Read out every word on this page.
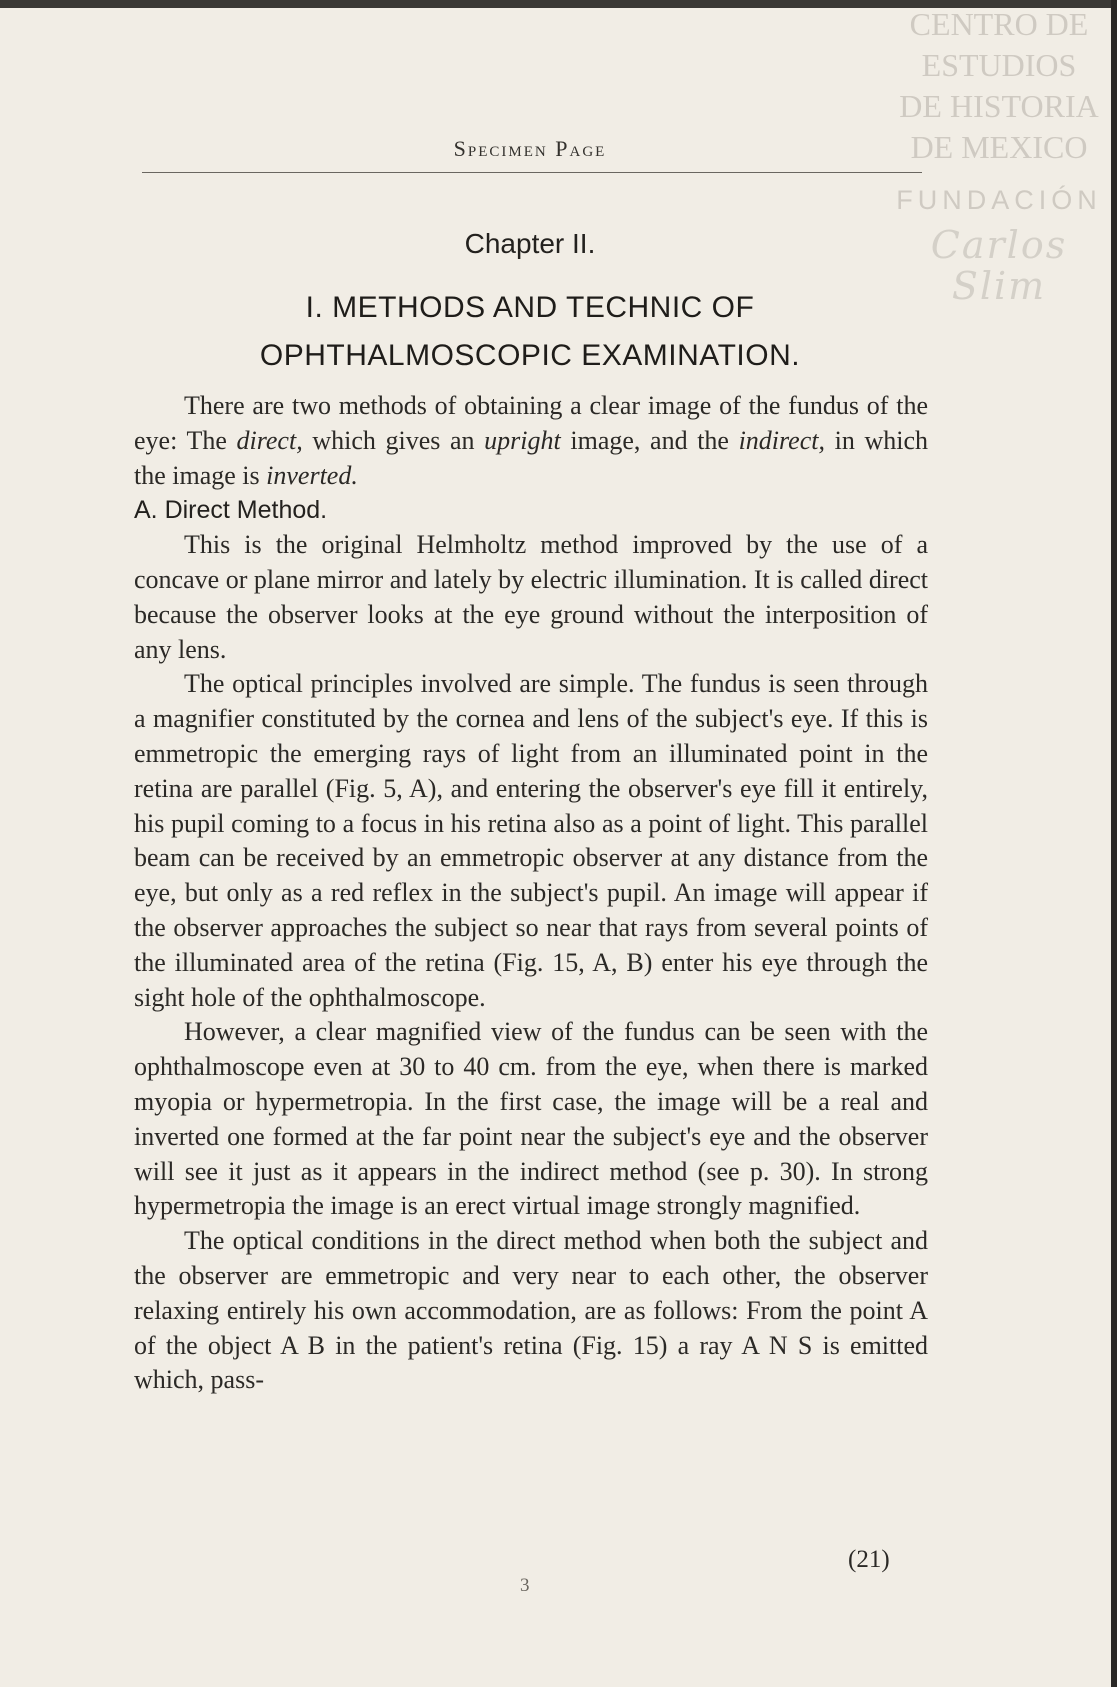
CENTRO DE
ESTUDIOS
DE HISTORIA
DE MEXICO
FUNDACIÓN
Carlos Slim
Specimen Page
Chapter II.
I. METHODS AND TECHNIC OF
OPHTHALMOSCOPIC EXAMINATION.

There are two methods of obtaining a clear image of the fundus of the eye: The direct, which gives an upright image, and the indirect, in which the image is inverted.

A. Direct Method.

This is the original Helmholtz method improved by the use of a concave or plane mirror and lately by electric illumination. It is called direct because the observer looks at the eye ground without the interposition of any lens.

The optical principles involved are simple. The fundus is seen through a magnifier constituted by the cornea and lens of the subject's eye. If this is emmetropic the emerging rays of light from an illuminated point in the retina are parallel (Fig. 5, A), and entering the observer's eye fill it entirely, his pupil coming to a focus in his retina also as a point of light. This parallel beam can be received by an emmetropic observer at any distance from the eye, but only as a red reflex in the subject's pupil. An image will appear if the observer approaches the subject so near that rays from several points of the illuminated area of the retina (Fig. 15, A, B) enter his eye through the sight hole of the ophthalmoscope.

However, a clear magnified view of the fundus can be seen with the ophthalmoscope even at 30 to 40 cm. from the eye, when there is marked myopia or hypermetropia. In the first case, the image will be a real and inverted one formed at the far point near the subject's eye and the observer will see it just as it appears in the indirect method (see p. 30). In strong hypermetropia the image is an erect virtual image strongly magnified.

The optical conditions in the direct method when both the subject and the observer are emmetropic and very near to each other, the observer relaxing entirely his own accommodation, are as follows: From the point A of the object A B in the patient's retina (Fig. 15) a ray A N S is emitted which, pass-

(21)
3
